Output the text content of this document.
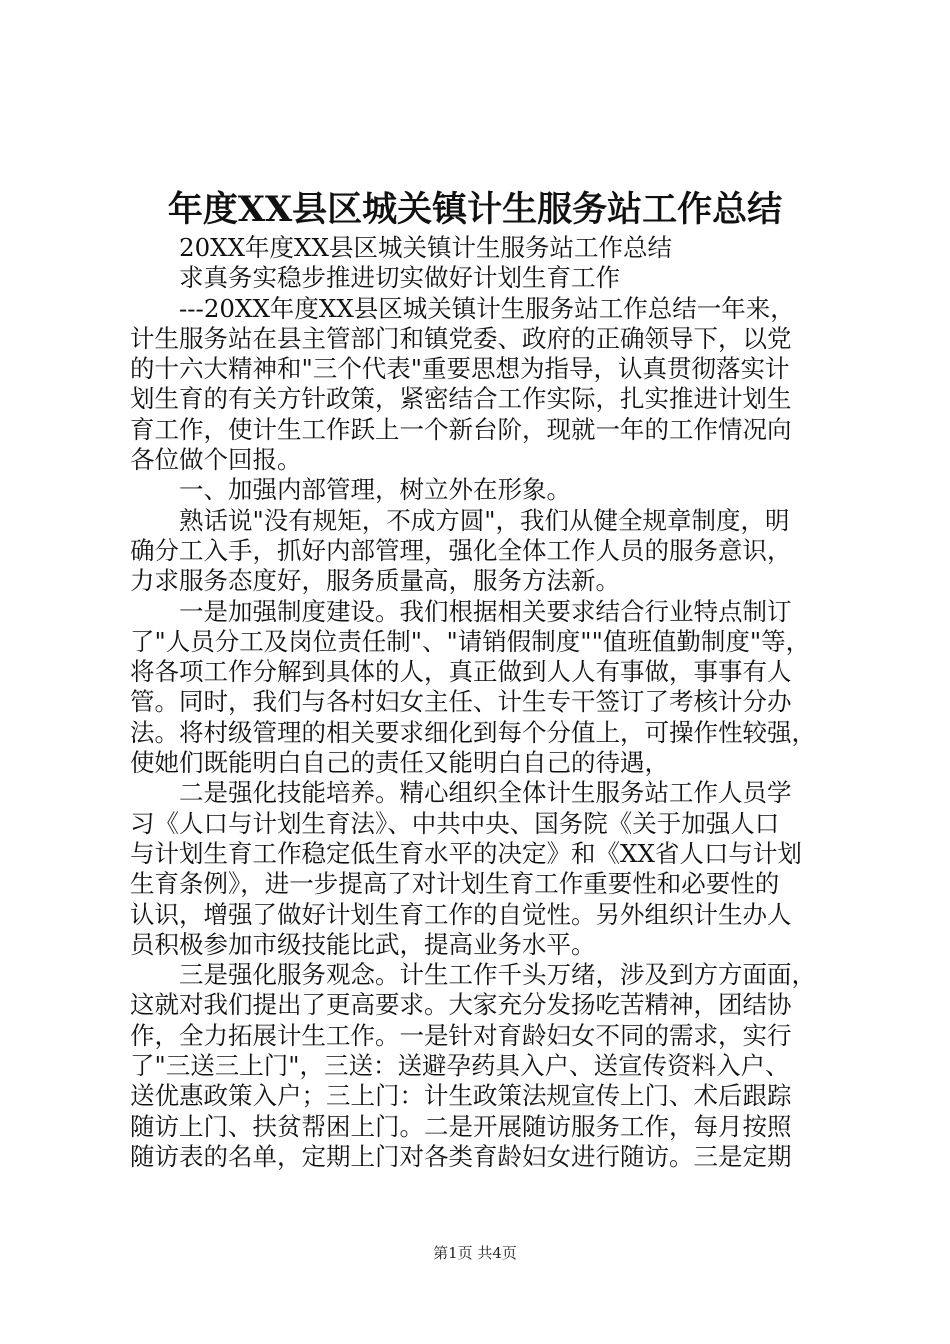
年度XX县区城关镇计生服务站工作总结
20XX年度XX县区城关镇计生服务站工作总结
求真务实稳步推进切实做好计划生育工作
---20XX年度XX县区城关镇计生服务站工作总结一年来，
计生服务站在县主管部门和镇党委、政府的正确领导下，以党
的十六大精神和"三个代表"重要思想为指导，认真贯彻落实计
划生育的有关方针政策，紧密结合工作实际，扎实推进计划生
育工作，使计生工作跃上一个新台阶，现就一年的工作情况向
各位做个回报。
一、加强内部管理，树立外在形象。
熟话说"没有规矩，不成方圆"，我们从健全规章制度，明
确分工入手，抓好内部管理，强化全体工作人员的服务意识，
力求服务态度好，服务质量高，服务方法新。
一是加强制度建设。我们根据相关要求结合行业特点制订
了"人员分工及岗位责任制"、"请销假制度""值班值勤制度"等，
将各项工作分解到具体的人，真正做到人人有事做，事事有人
管。同时，我们与各村妇女主任、计生专干签订了考核计分办
法。将村级管理的相关要求细化到每个分值上，可操作性较强，
使她们既能明白自己的责任又能明白自己的待遇，
二是强化技能培养。精心组织全体计生服务站工作人员学
习《人口与计划生育法》、中共中央、国务院《关于加强人口
与计划生育工作稳定低生育水平的决定》和《XX省人口与计划
生育条例》，进一步提高了对计划生育工作重要性和必要性的
认识，增强了做好计划生育工作的自觉性。另外组织计生办人
员积极参加市级技能比武，提高业务水平。
三是强化服务观念。计生工作千头万绪，涉及到方方面面，
这就对我们提出了更高要求。大家充分发扬吃苦精神，团结协
作，全力拓展计生工作。一是针对育龄妇女不同的需求，实行
了"三送三上门"，三送：送避孕药具入户、送宣传资料入户、
送优惠政策入户；三上门：计生政策法规宣传上门、术后跟踪
随访上门、扶贫帮困上门。二是开展随访服务工作，每月按照
随访表的名单，定期上门对各类育龄妇女进行随访。三是定期
第1页 共4页
